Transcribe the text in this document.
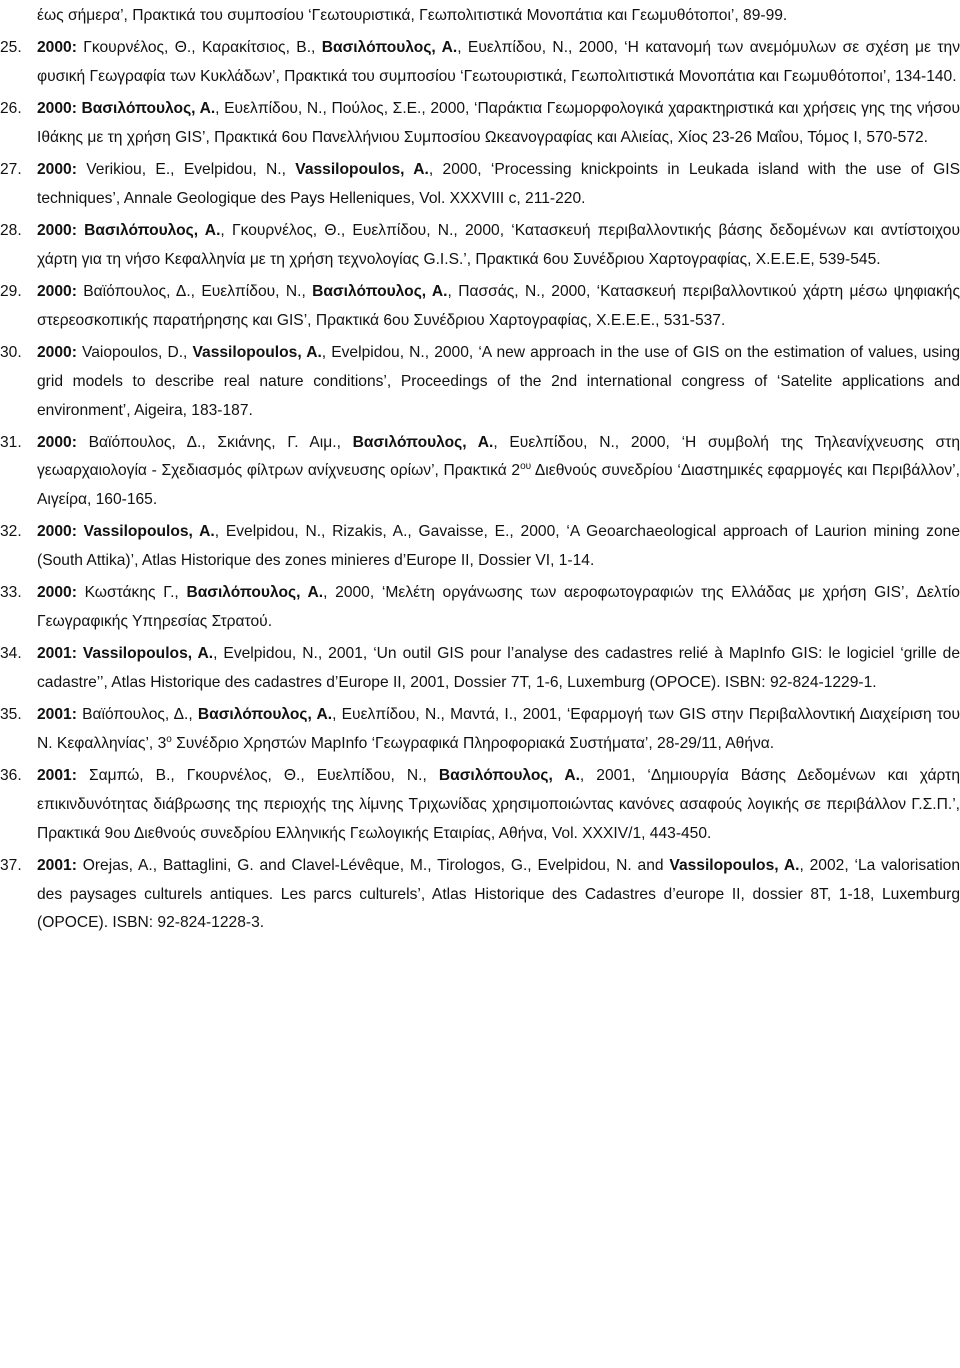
έως σήμερα’, Πρακτικά του συμποσίου ‘Γεωτουριστικά, Γεωπολιτιστικά Μονοπάτια και Γεωμυθότοποι’, 89-99.
25. 2000: Γκουρνέλος, Θ., Καρακίτσιος, Β., Βασιλόπουλος, Α., Ευελπίδου, Ν., 2000, ‘Η κατανομή των ανεμόμυλων σε σχέση με την φυσική Γεωγραφία των Κυκλάδων’, Πρακτικά του συμποσίου ‘Γεωτουριστικά, Γεωπολιτιστικά Μονοπάτια και Γεωμυθότοποι’, 134-140.
26. 2000: Βασιλόπουλος, Α., Ευελπίδου, Ν., Πούλος, Σ.Ε., 2000, ‘Παράκτια Γεωμορφολογικά χαρακτηριστικά και χρήσεις γης της νήσου Ιθάκης με τη χρήση GIS’, Πρακτικά 6ου Πανελλήνιου Συμποσίου Ωκεανογραφίας και Αλιείας, Χίος 23-26 Μαΐου, Τόμος Ι, 570-572.
27. 2000: Verikiou, E., Evelpidou, N., Vassilopoulos, A., 2000, ‘Processing knickpoints in Leukada island with the use of GIS techniques’, Annale Geologique des Pays Helleniques, Vol. XXXVIII c, 211-220.
28. 2000: Βασιλόπουλος, Α., Γκουρνέλος, Θ., Ευελπίδου, Ν., 2000, ‘Κατασκευή περιβαλλοντικής βάσης δεδομένων και αντίστοιχου χάρτη για τη νήσο Κεφαλληνία με τη χρήση τεχνολογίας G.I.S.’, Πρακτικά 6ου Συνέδριου Χαρτογραφίας, Χ.Ε.Ε.Ε, 539-545.
29. 2000: Βαϊόπουλος, Δ., Ευελπίδου, Ν., Βασιλόπουλος, Α., Πασσάς, Ν., 2000, ‘Κατασκευή περιβαλλοντικού χάρτη μέσω ψηφιακής στερεοσκοπικής παρατήρησης και GIS’, Πρακτικά 6ου Συνέδριου Χαρτογραφίας, Χ.Ε.Ε.Ε., 531-537.
30. 2000: Vaiopoulos, D., Vassilopoulos, A., Evelpidou, N., 2000, ‘A new approach in the use of GIS on the estimation of values, using grid models to describe real nature conditions’, Proceedings of the 2nd international congress of ‘Satelite applications and environment’, Aigeira, 183-187.
31. 2000: Βαϊόπουλος, Δ., Σκιάνης, Γ. Αιμ., Βασιλόπουλος, Α., Ευελπίδου, Ν., 2000, ‘Η συμβολή της Τηλεανίχνευσης στη γεωαρχαιολογία - Σχεδιασμός φίλτρων ανίχνευσης ορίων’, Πρακτικά $2^{o\upsilon}$ Διεθνούς συνεδρίου ‘Διαστημικές εφαρμογές και Περιβάλλον’, Αιγείρα, 160-165.
32. 2000: Vassilopoulos, A., Evelpidou, N., Rizakis, A., Gavaisse, E., 2000, ‘A Geoarchaeological approach of Laurion mining zone (South Attika)’, Atlas Historique des zones minieres d’Europe II, Dossier VI, 1-14.
33. 2000: Κωστάκης Γ., Βασιλόπουλος, Α., 2000, ‘Μελέτη οργάνωσης των αεροφωτογραφιών της Ελλάδας με χρήση GIS’, Δελτίο Γεωγραφικής Υπηρεσίας Στρατού.
34. 2001: Vassilopoulos, A., Evelpidou, N., 2001, ‘Un outil GIS pour l’analyse des cadastres relié à MapInfo GIS: le logiciel ‘grille de cadastre’’, Atlas Historique des cadastres d’Europe II, 2001, Dossier 7T, 1-6, Luxemburg (OPOCE). ISBN: 92-824-1229-1.
35. 2001: Βαϊόπουλος, Δ., Βασιλόπουλος, Α., Ευελπίδου, Ν., Μαντά, Ι., 2001, ‘Εφαρμογή των GIS στην Περιβαλλοντική Διαχείριση του Ν. Κεφαλληνίας’, $3^o$ Συνέδριο Χρηστών MapInfo ‘Γεωγραφικά Πληροφοριακά Συστήματα’, 28-29/11, Αθήνα.
36. 2001: Σαμπώ, Β., Γκουρνέλος, Θ., Ευελπίδου, Ν., Βασιλόπουλος, Α., 2001, ‘Δημιουργία Βάσης Δεδομένων και χάρτη επικινδυνότητας διάβρωσης της περιοχής της λίμνης Τριχωνίδας χρησιμοποιώντας κανόνες ασαφούς λογικής σε περιβάλλον Γ.Σ.Π.’, Πρακτικά 9ου Διεθνούς συνεδρίου Ελληνικής Γεωλογικής Εταιρίας, Αθήνα, Vol. XXXIV/1, 443-450.
37. 2001: Orejas, A., Battaglini, G. and Clavel-Lévêque, M., Tirologos, G., Evelpidou, N. and Vassilopoulos, A., 2002, ‘La valorisation des paysages culturels antiques. Les parcs culturels’, Atlas Historique des Cadastres d’europe II, dossier 8T, 1-18, Luxemburg (OPOCE). ISBN: 92-824-1228-3.
